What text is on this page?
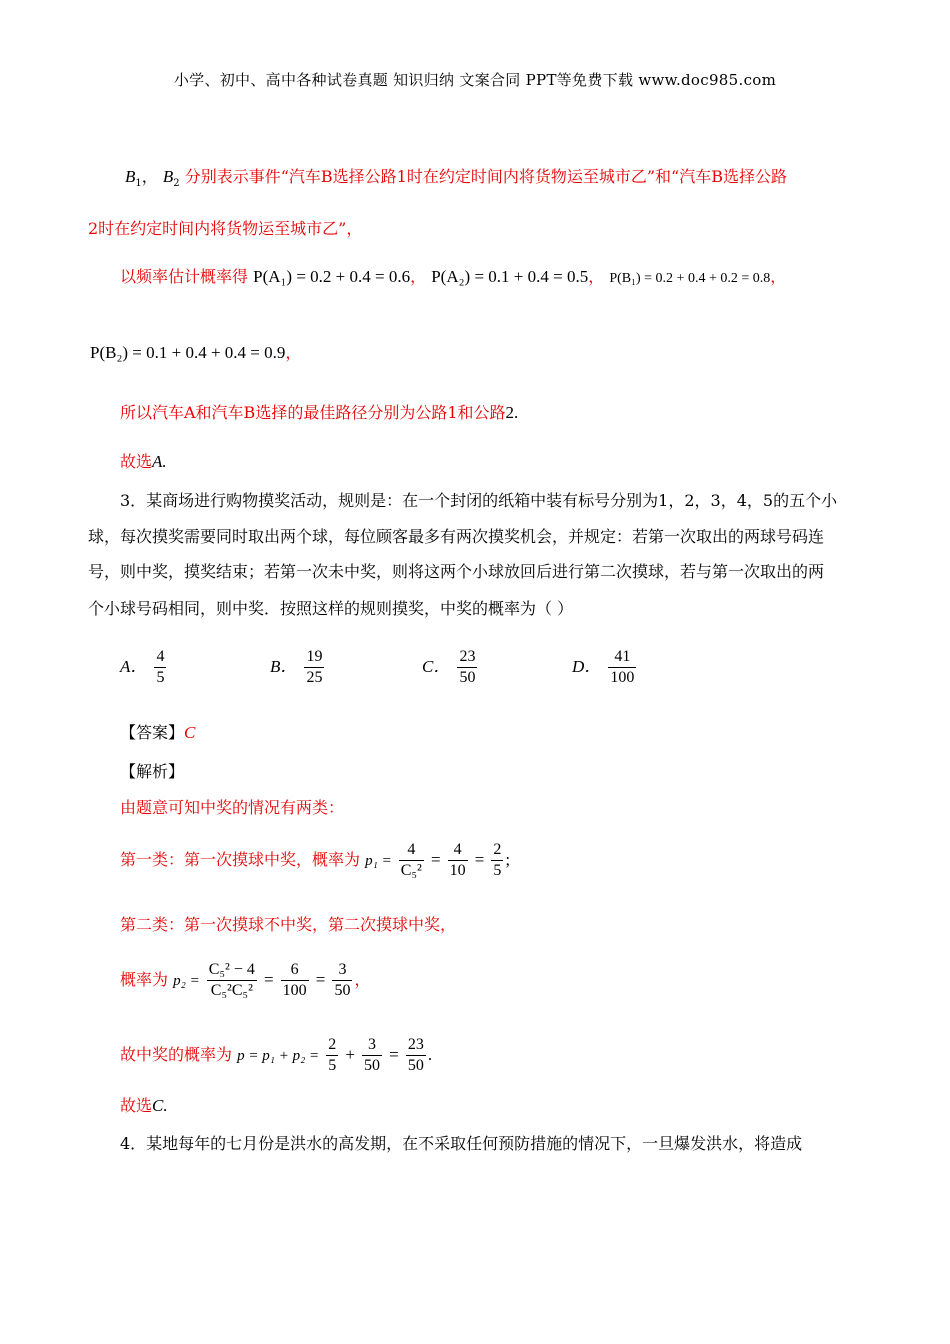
小学、初中、高中各种试卷真题 知识归纳 文案合同 PPT等免费下载 www.doc985.com
$B_1$， $B_2$ 分别表示事件“汽车B选择公路1时在约定时间内将货物运至城市乙”和“汽车B选择公路
2时在约定时间内将货物运至城市乙”，
以频率估计概率得 P(A₁) = 0.2 + 0.4 = 0.6， P(A₂) = 0.1 + 0.4 = 0.5， P(B₁) = 0.2 + 0.4 + 0.2 = 0.8，
P(B₂) = 0.1 + 0.4 + 0.4 = 0.9，
所以汽车A和汽车B选择的最佳路径分别为公路1和公路2.
故选A.
3．某商场进行购物摸奖活动，规则是：在一个封闭的纸箱中装有标号分别为1，2，3，4，5的五个小
球，每次摸奖需要同时取出两个球，每位顾客最多有两次摸奖机会，并规定：若第一次取出的两球号码连
号，则中奖，摸奖结束；若第一次未中奖，则将这两个小球放回后进行第二次摸球，若与第一次取出的两
个小球号码相同，则中奖．按照这样的规则摸奖，中奖的概率为（ ）
A． $\frac{4}{5}$	B． $\frac{19}{25}$	C． $\frac{23}{50}$	D． $\frac{41}{100}$
【答案】C
【解析】
由题意可知中奖的情况有两类：
第一类：第一次摸球中奖，概率为 $p_1 = \frac{4}{\text{C₅²}} = \frac{4}{10} = \frac{2}{5}$ ;
第二类：第一次摸球不中奖，第二次摸球中奖，
概率为 $p_2 = \frac{\text{C₅² − 4}}{\text{C₅²C₅²}} = \frac{6}{100} = \frac{3}{50}$ ，
故中奖的概率为 $p = p_1 + p_2 = \frac{2}{5} + \frac{3}{50} = \frac{23}{50}$ .
故选C.
4．某地每年的七月份是洪水的高发期，在不采取任何预防措施的情况下，一旦爆发洪水，将造成
